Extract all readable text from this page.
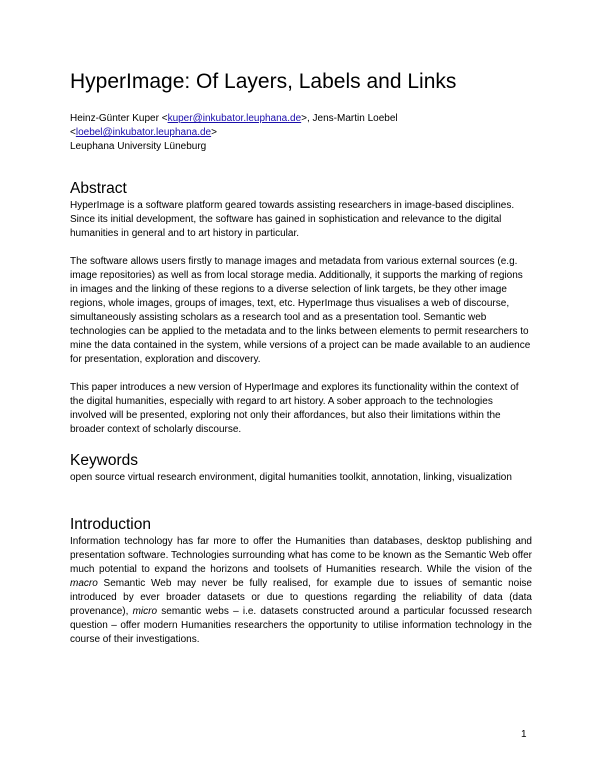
HyperImage: Of Layers, Labels and Links
Heinz-Günter Kuper <kuper@inkubator.leuphana.de>, Jens-Martin Loebel
<loebel@inkubator.leuphana.de>
Leuphana University Lüneburg
Abstract

HyperImage is a software platform geared towards assisting researchers in image-based disciplines. Since its initial development, the software has gained in sophistication and relevance to the digital humanities in general and to art history in particular.

The software allows users firstly to manage images and metadata from various external sources (e.g. image repositories) as well as from local storage media. Additionally, it supports the marking of regions in images and the linking of these regions to a diverse selection of link targets, be they other image regions, whole images, groups of images, text, etc. HyperImage thus visualises a web of discourse, simultaneously assisting scholars as a research tool and as a presentation tool. Semantic web technologies can be applied to the metadata and to the links between elements to permit researchers to mine the data contained in the system, while versions of a project can be made available to an audience for presentation, exploration and discovery.

This paper introduces a new version of HyperImage and explores its functionality within the context of the digital humanities, especially with regard to art history. A sober approach to the technologies involved will be presented, exploring not only their affordances, but also their limitations within the broader context of scholarly discourse.

Keywords

open source virtual research environment, digital humanities toolkit, annotation, linking, visualization

Introduction

Information technology has far more to offer the Humanities than databases, desktop publishing and presentation software. Technologies surrounding what has come to be known as the Semantic Web offer much potential to expand the horizons and toolsets of Humanities research. While the vision of the macro Semantic Web may never be fully realised, for example due to issues of semantic noise introduced by ever broader datasets or due to questions regarding the reliability of data (data provenance), micro semantic webs – i.e. datasets constructed around a particular focussed research question – offer modern Humanities researchers the opportunity to utilise information technology in the course of their investigations.

1
